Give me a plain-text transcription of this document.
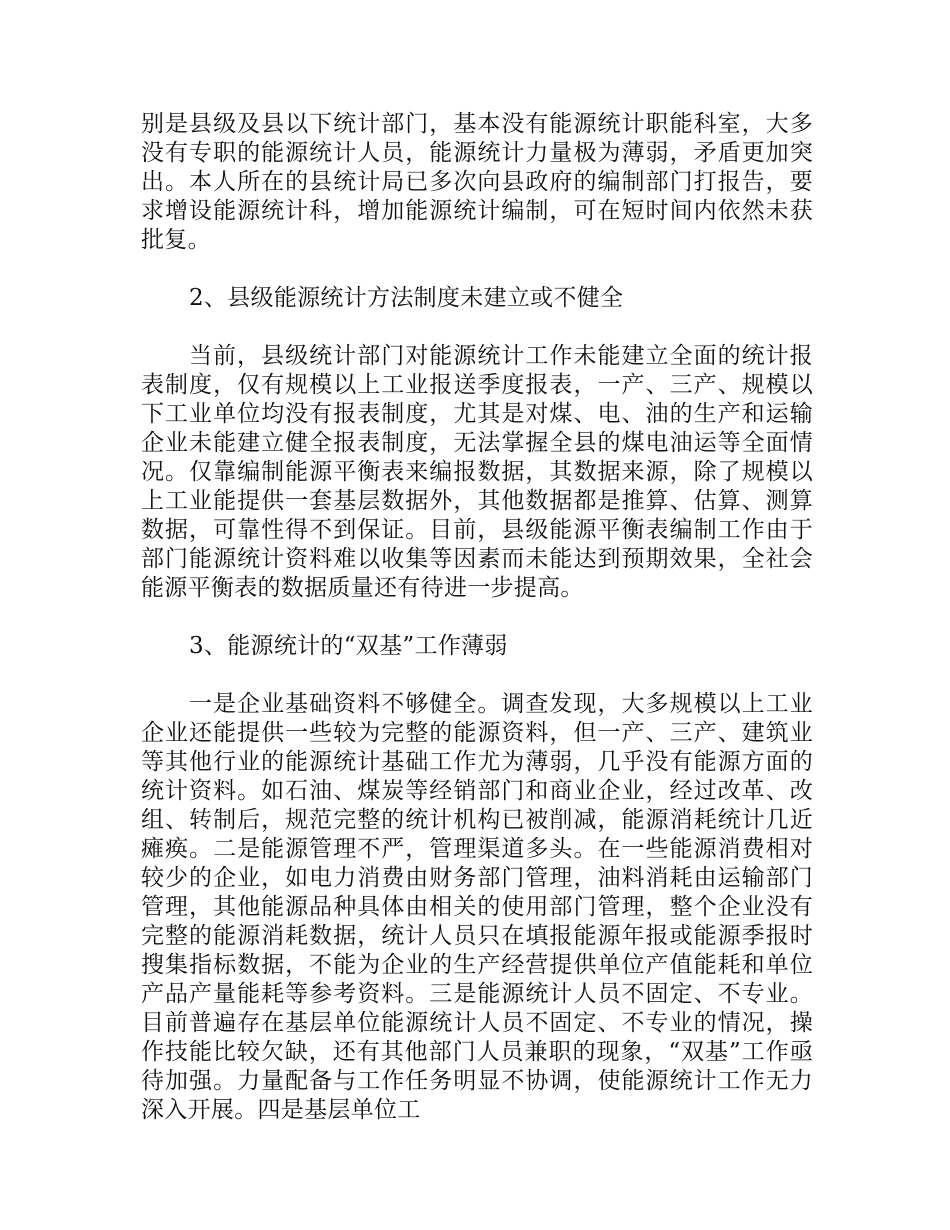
别是县级及县以下统计部门，基本没有能源统计职能科室，大多没有专职的能源统计人员，能源统计力量极为薄弱，矛盾更加突出。本人所在的县统计局已多次向县政府的编制部门打报告，要求增设能源统计科，增加能源统计编制，可在短时间内依然未获批复。

2、县级能源统计方法制度未建立或不健全

当前，县级统计部门对能源统计工作未能建立全面的统计报表制度，仅有规模以上工业报送季度报表，一产、三产、规模以下工业单位均没有报表制度，尤其是对煤、电、油的生产和运输企业未能建立健全报表制度，无法掌握全县的煤电油运等全面情况。仅靠编制能源平衡表来编报数据，其数据来源，除了规模以上工业能提供一套基层数据外，其他数据都是推算、估算、测算数据，可靠性得不到保证。目前，县级能源平衡表编制工作由于部门能源统计资料难以收集等因素而未能达到预期效果，全社会能源平衡表的数据质量还有待进一步提高。

3、能源统计的“双基”工作薄弱

一是企业基础资料不够健全。调查发现，大多规模以上工业企业还能提供一些较为完整的能源资料，但一产、三产、建筑业等其他行业的能源统计基础工作尤为薄弱，几乎没有能源方面的统计资料。如石油、煤炭等经销部门和商业企业，经过改革、改组、转制后，规范完整的统计机构已被削减，能源消耗统计几近瘫痪。二是能源管理不严，管理渠道多头。在一些能源消费相对较少的企业，如电力消费由财务部门管理，油料消耗由运输部门管理，其他能源品种具体由相关的使用部门管理，整个企业没有完整的能源消耗数据，统计人员只在填报能源年报或能源季报时搜集指标数据，不能为企业的生产经营提供单位产值能耗和单位产品产量能耗等参考资料。三是能源统计人员不固定、不专业。目前普遍存在基层单位能源统计人员不固定、不专业的情况，操作技能比较欠缺，还有其他部门人员兼职的现象，“双基”工作亟待加强。力量配备与工作任务明显不协调，使能源统计工作无力深入开展。四是基层单位工
